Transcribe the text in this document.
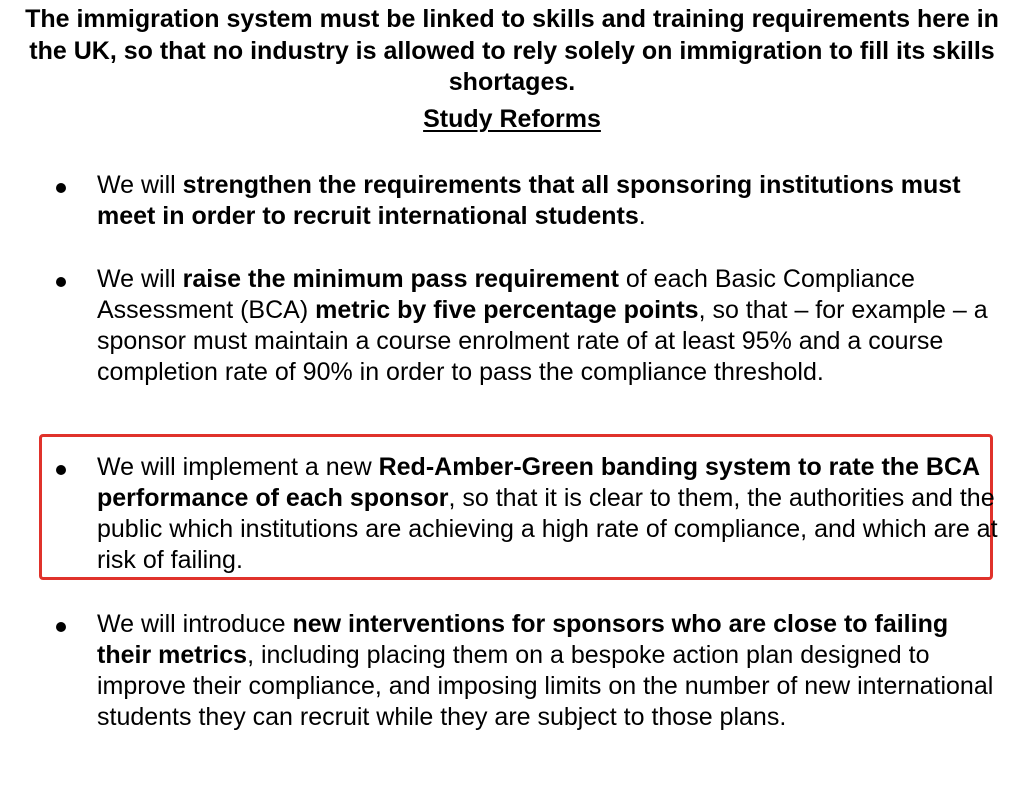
The immigration system must be linked to skills and training requirements here in the UK, so that no industry is allowed to rely solely on immigration to fill its skills shortages.

Study Reforms

We will strengthen the requirements that all sponsoring institutions must meet in order to recruit international students.

We will raise the minimum pass requirement of each Basic Compliance Assessment (BCA) metric by five percentage points, so that – for example – a sponsor must maintain a course enrolment rate of at least 95% and a course completion rate of 90% in order to pass the compliance threshold.

We will implement a new Red-Amber-Green banding system to rate the BCA performance of each sponsor, so that it is clear to them, the authorities and the public which institutions are achieving a high rate of compliance, and which are at risk of failing.

We will introduce new interventions for sponsors who are close to failing their metrics, including placing them on a bespoke action plan designed to improve their compliance, and imposing limits on the number of new international students they can recruit while they are subject to those plans.
